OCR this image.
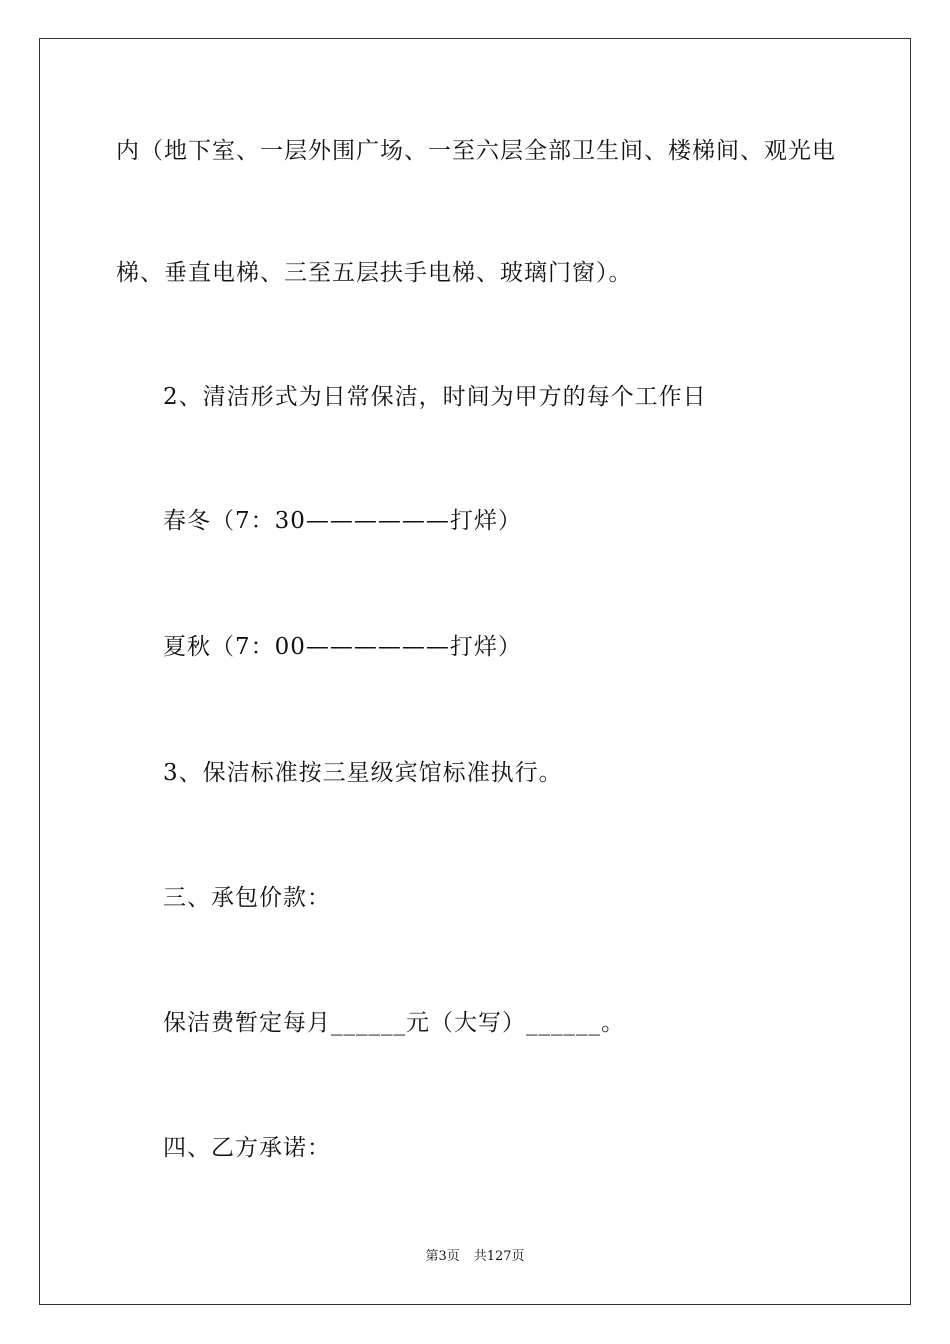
内（地下室、一层外围广场、一至六层全部卫生间、楼梯间、观光电
梯、垂直电梯、三至五层扶手电梯、玻璃门窗）。
2、清洁形式为日常保洁，时间为甲方的每个工作日
春冬（7：30——————打烊）
夏秋（7：00——————打烊）
3、保洁标准按三星级宾馆标准执行。
三、承包价款：
保洁费暂定每月______元（大写）______。
四、乙方承诺：
第3页 共127页
